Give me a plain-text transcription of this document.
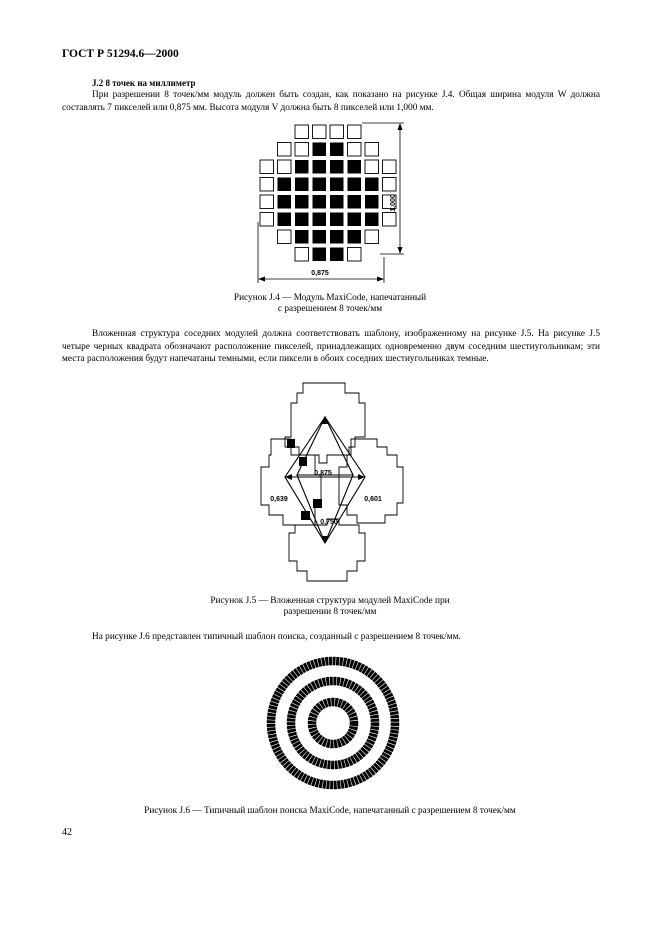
ГОСТ Р 51294.6—2000
J.2 8 точек на миллиметр
При разрешении 8 точек/мм модуль должен быть создан, как показано на рисунке J.4. Общая ширина модуля W должна составлять 7 пикселей или 0,875 мм. Высота модуля V должна быть 8 пикселей или 1,000 мм.
1,000
0,875
Рисунок J.4 — Модуль MaxiCode, напечатанный
с разрешением 8 точек/мм
Вложенная структура соседних модулей должна соответствовать шаблону, изображенному на рисунке J.5. На рисунке J.5 четыре черных квадрата обозначают расположение пикселей, принадлежащих одновременно двум соседним шестиугольникам; эти места расположения будут напечатаны темными, если пиксели в обоих соседних шестиугольниках темные.
0,875
0,639	0,601
0,750
Рисунок J.5 — Вложенная структура модулей MaxiCode при
разрешении 8 точек/мм
На рисунке J.6 представлен типичный шаблон поиска, созданный с разрешением 8 точек/мм.
Рисунок J.6 — Типичный шаблон поиска MaxiCode, напечатанный с разрешением 8 точек/мм
42
